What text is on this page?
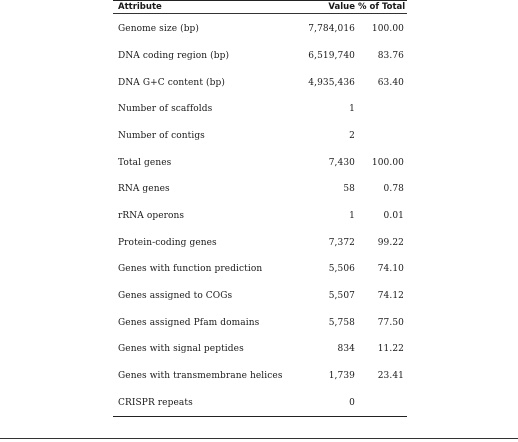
Attribute	Value	% of Total
Genome size (bp)	7,784,016	100.00
DNA coding region (bp)	6,519,740	83.76
DNA G+C content (bp)	4,935,436	63.40
Number of scaffolds	1	
Number of contigs	2	
Total genes	7,430	100.00
RNA genes	58	0.78
rRNA operons	1	0.01
Protein-coding genes	7,372	99.22
Genes with function prediction	5,506	74.10
Genes assigned to COGs	5,507	74.12
Genes assigned Pfam domains	5,758	77.50
Genes with signal peptides	834	11.22
Genes with transmembrane helices	1,739	23.41
CRISPR repeats	0	
